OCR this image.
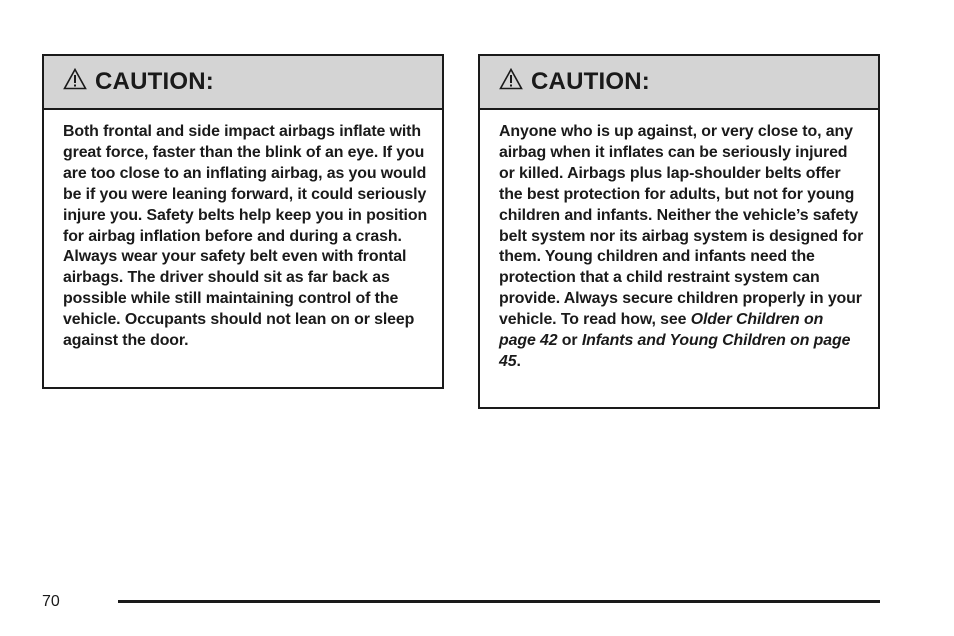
CAUTION:
Both frontal and side impact airbags inflate with great force, faster than the blink of an eye. If you are too close to an inflating airbag, as you would be if you were leaning forward, it could seriously injure you. Safety belts help keep you in position for airbag inflation before and during a crash. Always wear your safety belt even with frontal airbags. The driver should sit as far back as possible while still maintaining control of the vehicle. Occupants should not lean on or sleep against the door.
CAUTION:
Anyone who is up against, or very close to, any airbag when it inflates can be seriously injured or killed. Airbags plus lap-shoulder belts offer the best protection for adults, but not for young children and infants. Neither the vehicle’s safety belt system nor its airbag system is designed for them. Young children and infants need the protection that a child restraint system can provide. Always secure children properly in your vehicle. To read how, see Older Children on page 42 or Infants and Young Children on page 45.
70
